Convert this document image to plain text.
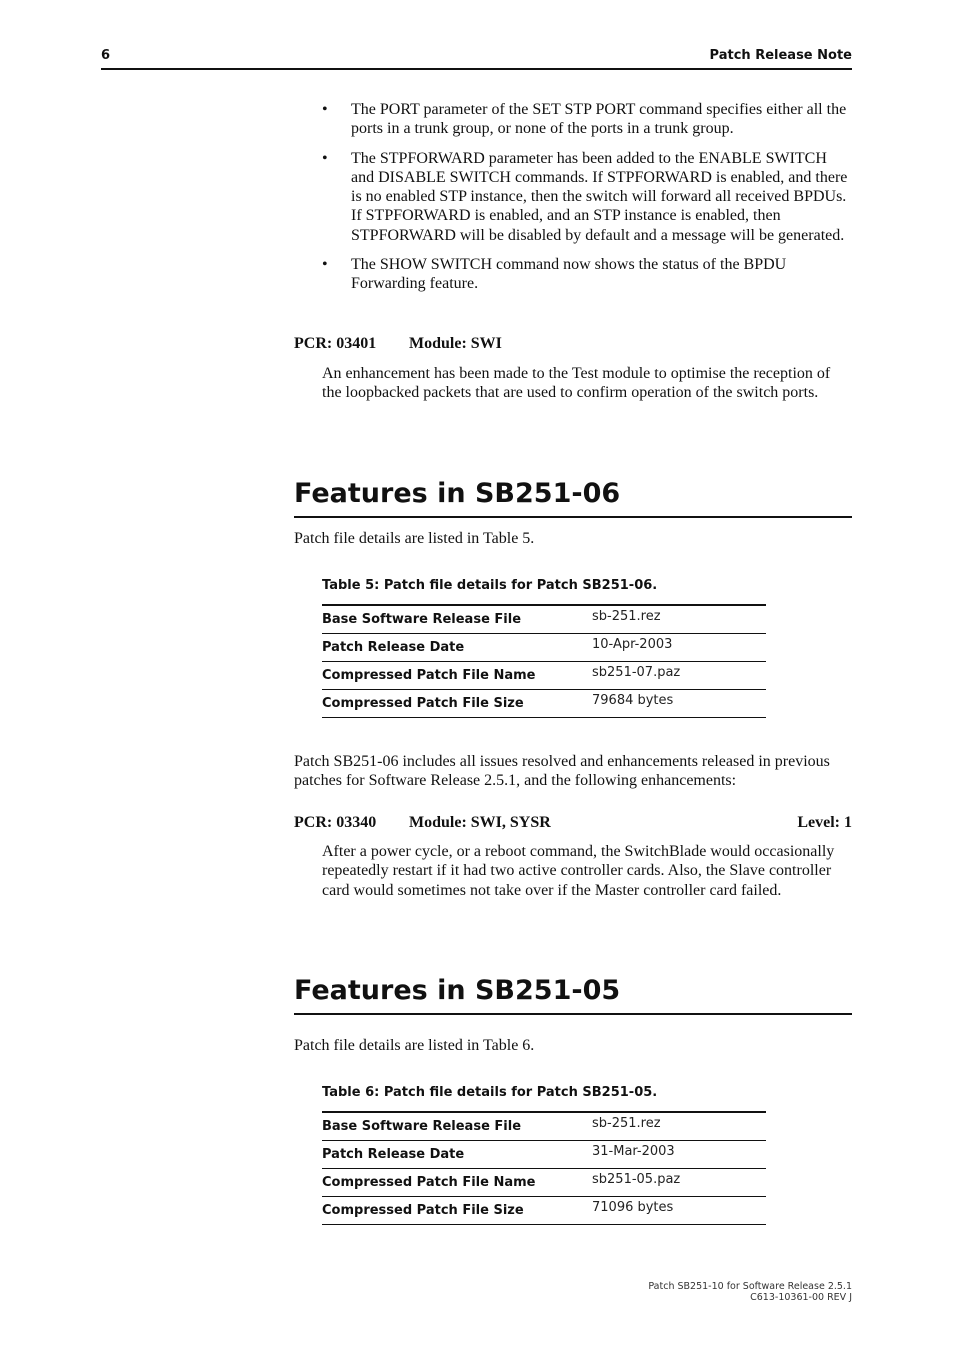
6	Patch Release Note
• The PORT parameter of the SET STP PORT command specifies either all the ports in a trunk group, or none of the ports in a trunk group.
• The STPFORWARD parameter has been added to the ENABLE SWITCH and DISABLE SWITCH commands. If STPFORWARD is enabled, and there is no enabled STP instance, then the switch will forward all received BPDUs. If STPFORWARD is enabled, and an STP instance is enabled, then STPFORWARD will be disabled by default and a message will be generated.
• The SHOW SWITCH command now shows the status of the BPDU Forwarding feature.
PCR: 03401 Module: SWI

An enhancement has been made to the Test module to optimise the reception of the loopbacked packets that are used to confirm operation of the switch ports.

Features in SB251-06

Patch file details are listed in Table 5.

Table 5: Patch file details for Patch SB251-06.
Base Software Release File	sb-251.rez
Patch Release Date	10-Apr-2003
Compressed Patch File Name	sb251-07.paz
Compressed Patch File Size	79684 bytes

Patch SB251-06 includes all issues resolved and enhancements released in previous patches for Software Release 2.5.1, and the following enhancements:

PCR: 03340 Module: SWI, SYSR	Level: 1

After a power cycle, or a reboot command, the SwitchBlade would occasionally repeatedly restart if it had two active controller cards. Also, the Slave controller card would sometimes not take over if the Master controller card failed.

Features in SB251-05

Patch file details are listed in Table 6.

Table 6: Patch file details for Patch SB251-05.
Base Software Release File	sb-251.rez
Patch Release Date	31-Mar-2003
Compressed Patch File Name	sb251-05.paz
Compressed Patch File Size	71096 bytes
Patch SB251-10 for Software Release 2.5.1
C613-10361-00 REV J
